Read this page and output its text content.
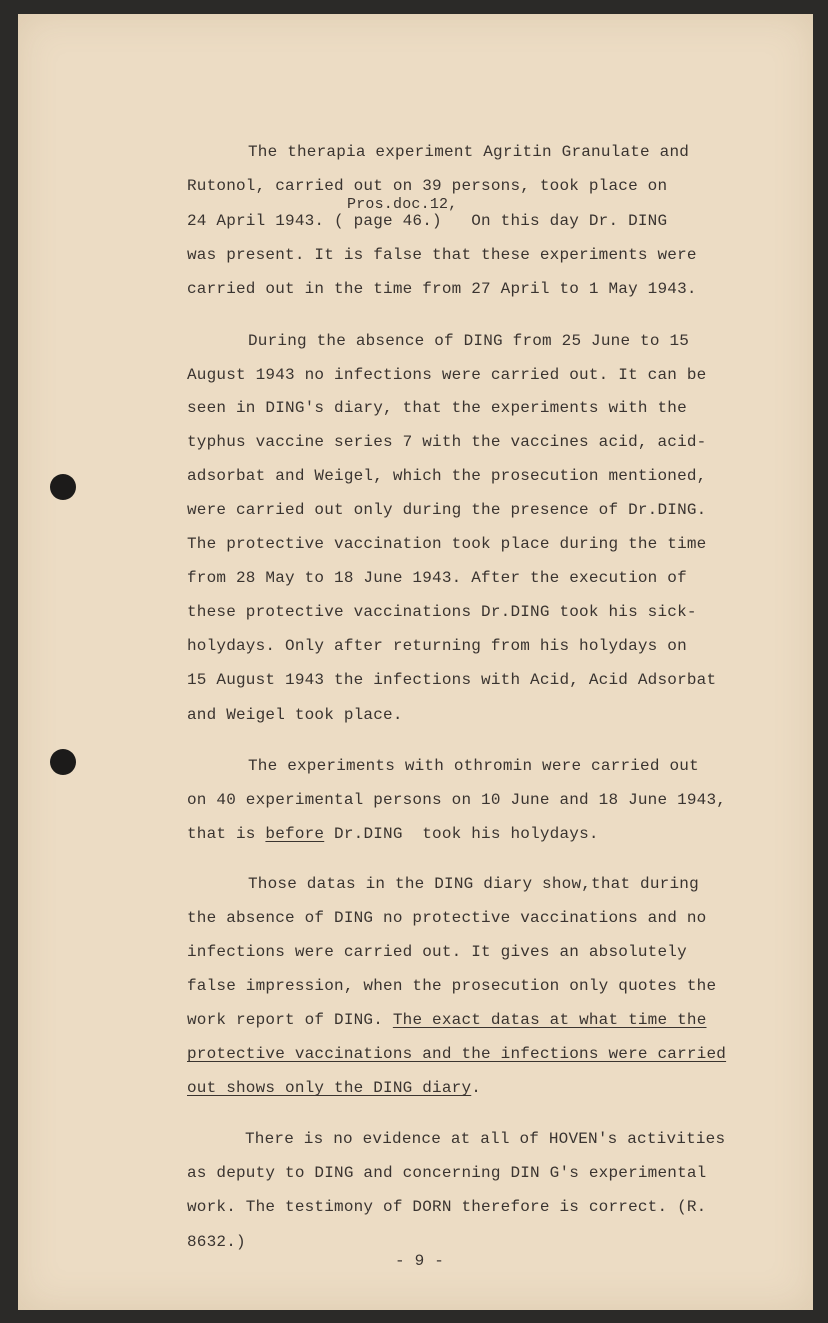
The therapia experiment Agritin Granulate and
Rutonol, carried out on 39 persons, took place on
Pros.doc.12,
24 April 1943. ( page 46.)   On this day Dr. DING
was present. It is false that these experiments were
carried out in the time from 27 April to 1 May 1943.
During the absence of DING from 25 June to 15
August 1943 no infections were carried out. It can be
seen in DING's diary, that the experiments with the
typhus vaccine series 7 with the vaccines acid, acid-
adsorbat and Weigel, which the prosecution mentioned,
were carried out only during the presence of Dr.DING.
The protective vaccination took place during the time
from 28 May to 18 June 1943. After the execution of
these protective vaccinations Dr.DING took his sick-
holydays. Only after returning from his holydays on
15 August 1943 the infections with Acid, Acid Adsorbat
and Weigel took place.
The experiments with othromin were carried out
on 40 experimental persons on 10 June and 18 June 1943,
that is before Dr.DING  took his holydays.
Those datas in the DING diary show,that during
the absence of DING no protective vaccinations and no
infections were carried out. It gives an absolutely
false impression, when the prosecution only quotes the
work report of DING. The exact datas at what time the
protective vaccinations and the infections were carried
out shows only the DING diary.
There is no evidence at all of HOVEN's activities
as deputy to DING and concerning DIN G's experimental
work. The testimony of DORN therefore is correct. (R.
8632.)
- 9 -
